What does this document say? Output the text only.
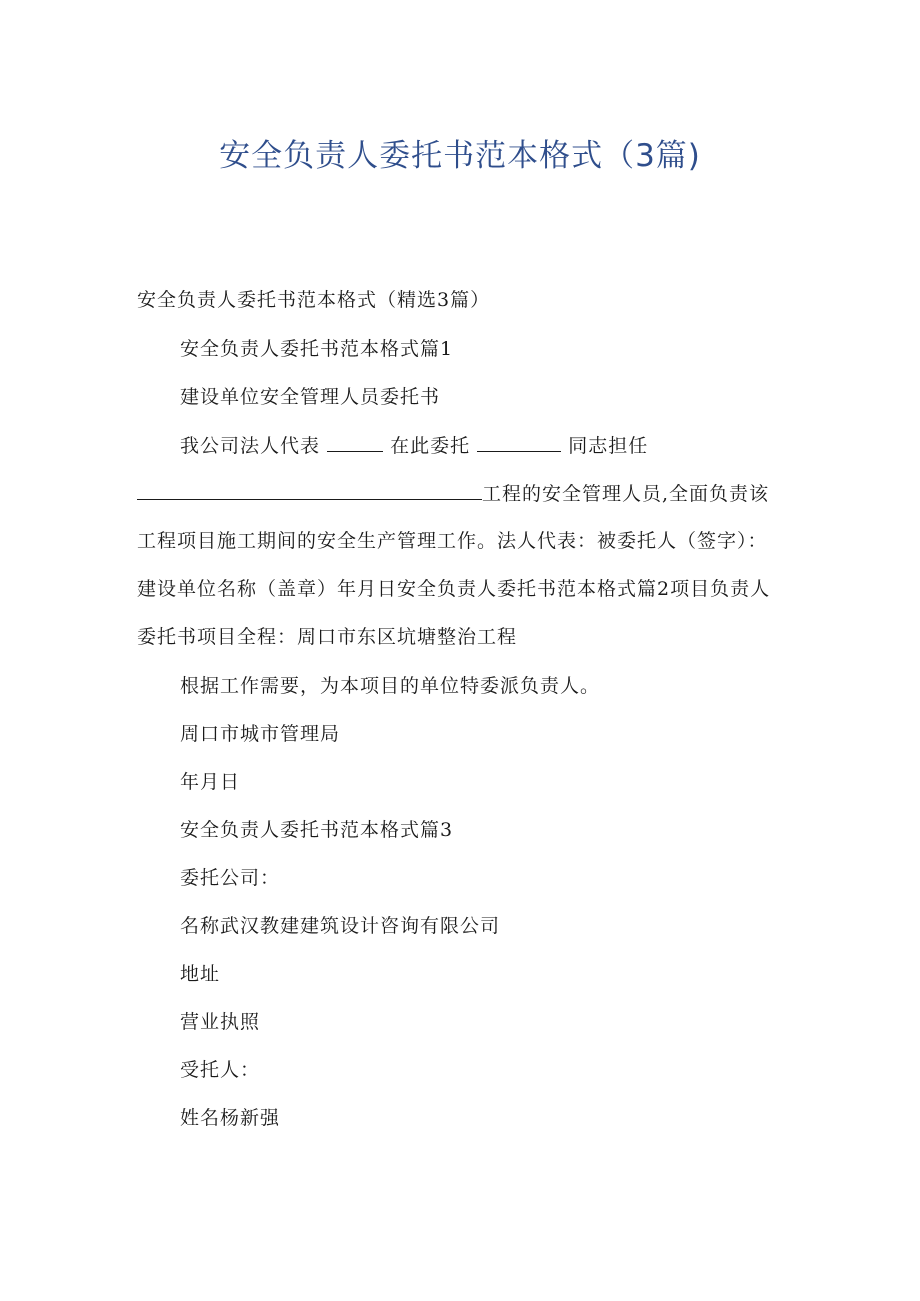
安全负责人委托书范本格式（3篇)
安全负责人委托书范本格式（精选3篇）
安全负责人委托书范本格式篇1
建设单位安全管理人员委托书
我公司法人代表	在此委托	同志担任
工程的安全管理人员,全面负责该
工程项目施工期间的安全生产管理工作。法人代表：被委托人（签字）：
建设单位名称（盖章）年月日安全负责人委托书范本格式篇2项目负责人
委托书项目全程：周口市东区坑塘整治工程
根据工作需要，为本项目的单位特委派负责人。
周口市城市管理局
年月日
安全负责人委托书范本格式篇3
委托公司：
名称武汉教建建筑设计咨询有限公司
地址
营业执照
受托人：
姓名杨新强
